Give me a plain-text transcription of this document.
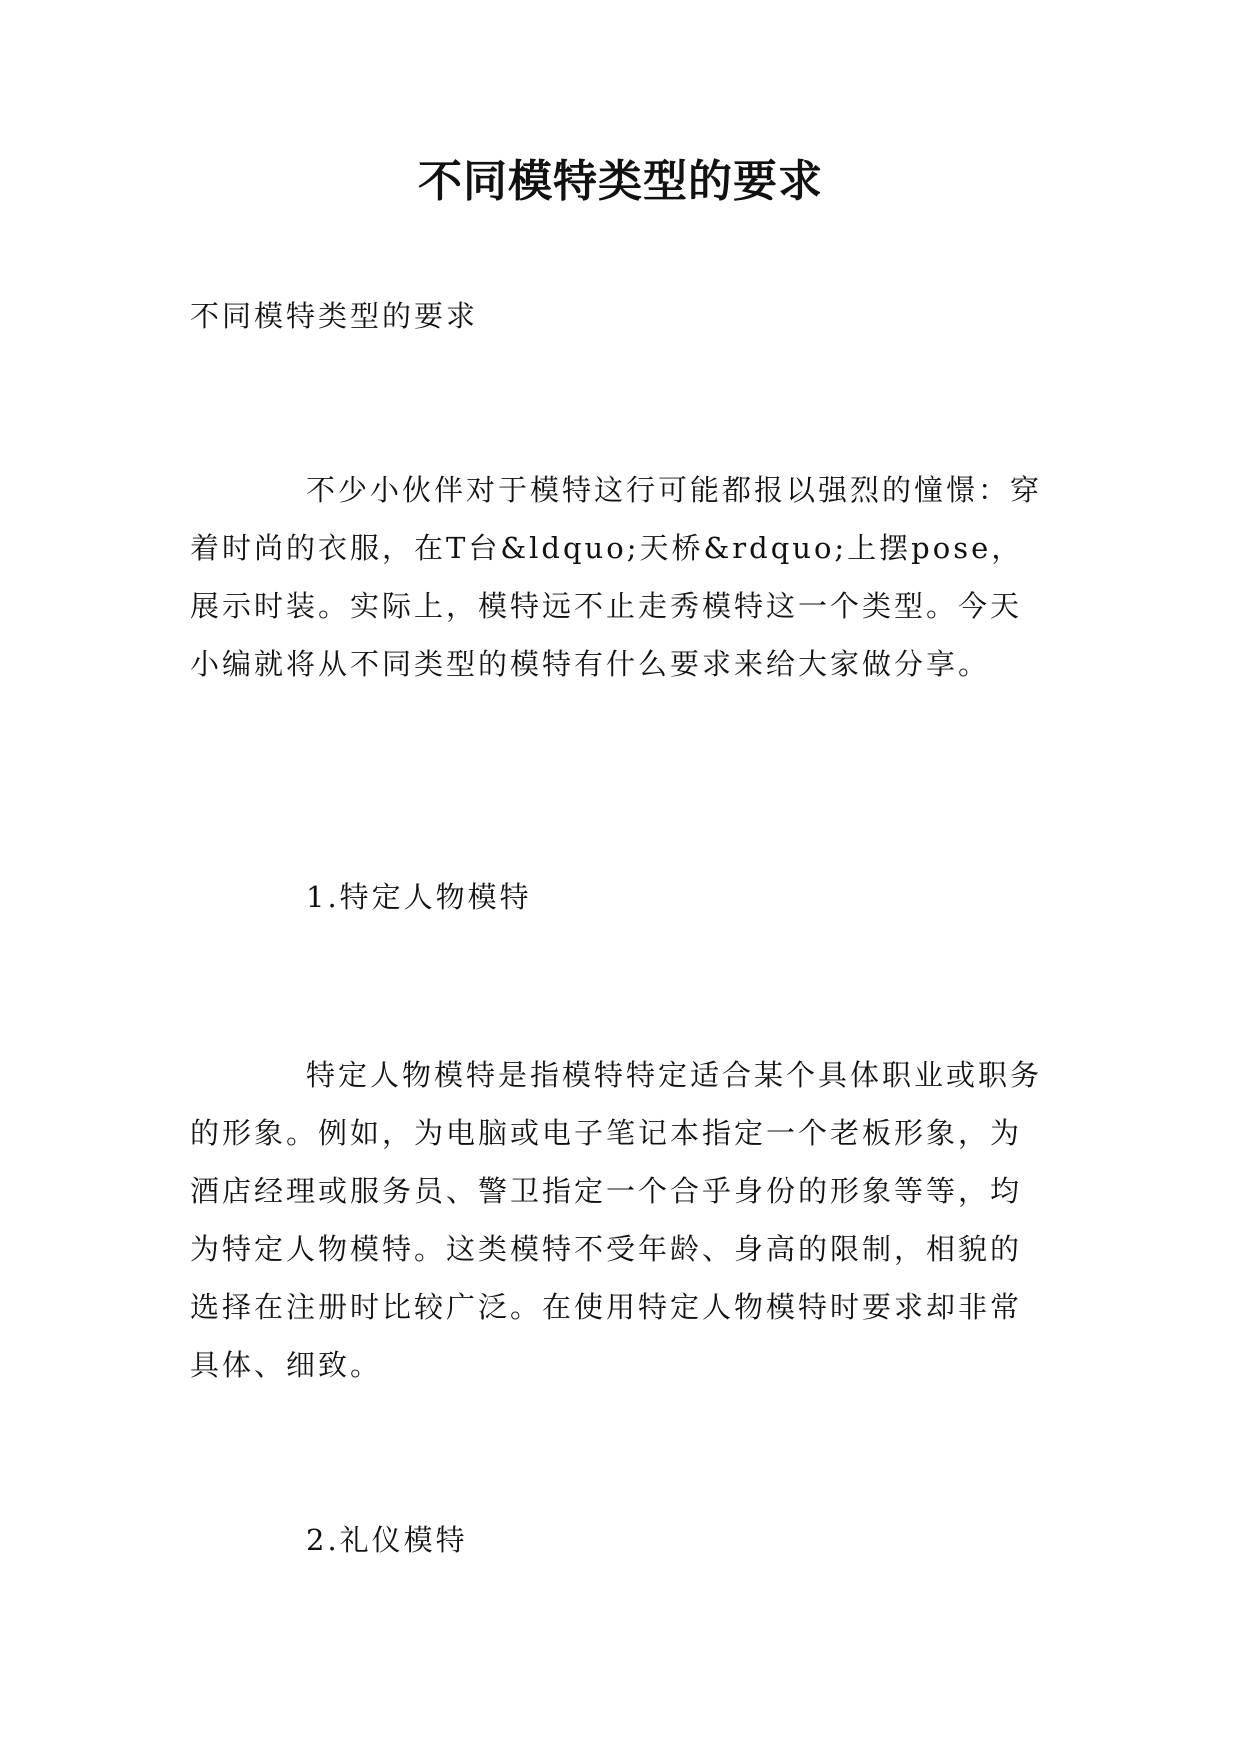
不同模特类型的要求

不同模特类型的要求

不少小伙伴对于模特这行可能都报以强烈的憧憬：穿着时尚的衣服，在T台&ldquo;天桥&rdquo;上摆pose，展示时装。实际上，模特远不止走秀模特这一个类型。今天小编就将从不同类型的模特有什么要求来给大家做分享。

1.特定人物模特

特定人物模特是指模特特定适合某个具体职业或职务的形象。例如，为电脑或电子笔记本指定一个老板形象，为酒店经理或服务员、警卫指定一个合乎身份的形象等等，均为特定人物模特。这类模特不受年龄、身高的限制，相貌的选择在注册时比较广泛。在使用特定人物模特时要求却非常具体、细致。

2.礼仪模特
